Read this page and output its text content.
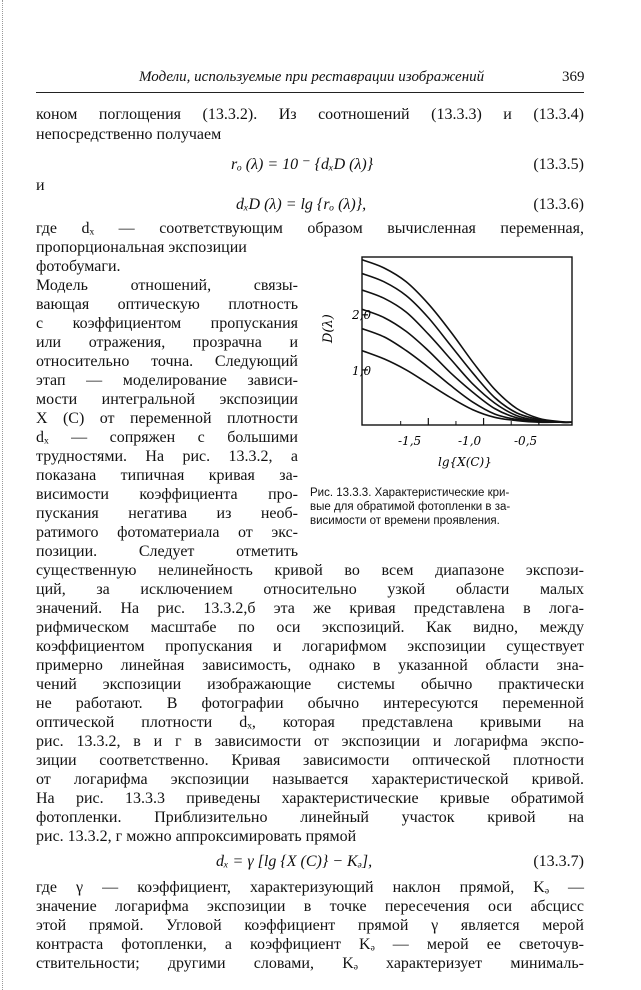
Модели, используемые при реставрации изображений	369
коном поглощения (13.3.2). Из соотношений (13.3.3) и (13.3.4)
непосредственно получаем
rₒ (λ) = 10 ⁻ {dₓD (λ)}	(13.3.5)
и
dₓD (λ) = lg {rₒ (λ)},	(13.3.6)
где dₓ — соответствующим образом вычисленная переменная,
пропорциональная экспозиции
фотобумаги.
Модель отношений, связы-
вающая оптическую плотность
с коэффициентом пропускания
или отражения, прозрачна и
относительно точна. Следующий
этап — моделирование зависи-
мости интегральной экспозиции
X (C) от переменной плотности
dₓ — сопряжен с большими
трудностями. На рис. 13.3.2, а
показана типичная кривая за-
висимости коэффициента про-
пускания негатива из необ-
ратимого фотоматериала от экс-
позиции. Следует отметить
D(λ) 2,0
1,0
-1,5	-1,0	-0,5
lg{X(C)}
Рис. 13.3.3. Характеристические кри-
вые для обратимой фотопленки в за-
висимости от времени проявления.
существенную нелинейность кривой во всем диапазоне экспози-
ций, за исключением относительно узкой области малых
значений. На рис. 13.3.2,б эта же кривая представлена в лога-
рифмическом масштабе по оси экспозиций. Как видно, между
коэффициентом пропускания и логарифмом экспозиции существует
примерно линейная зависимость, однако в указанной области зна-
чений экспозиции изображающие системы обычно практически
не работают. В фотографии обычно интересуются переменной
оптической плотности dₓ, которая представлена кривыми на
рис. 13.3.2, в и г в зависимости от экспозиции и логарифма экспо-
зиции соответственно. Кривая зависимости оптической плотности
от логарифма экспозиции называется характеристической кривой.
На рис. 13.3.3 приведены характеристические кривые обратимой
фотопленки. Приблизительно линейный участок кривой на
рис. 13.3.2, г можно аппроксимировать прямой
dₓ = γ [lg {X (C)} − Kₔ],	(13.3.7)
где γ — коэффициент, характеризующий наклон прямой, Kₔ —
значение логарифма экспозиции в точке пересечения оси абсцисс
этой прямой. Угловой коэффициент прямой γ является мерой
контраста фотопленки, а коэффициент Kₔ — мерой ее светочув-
ствительности; другими словами, Kₔ характеризует минималь-
